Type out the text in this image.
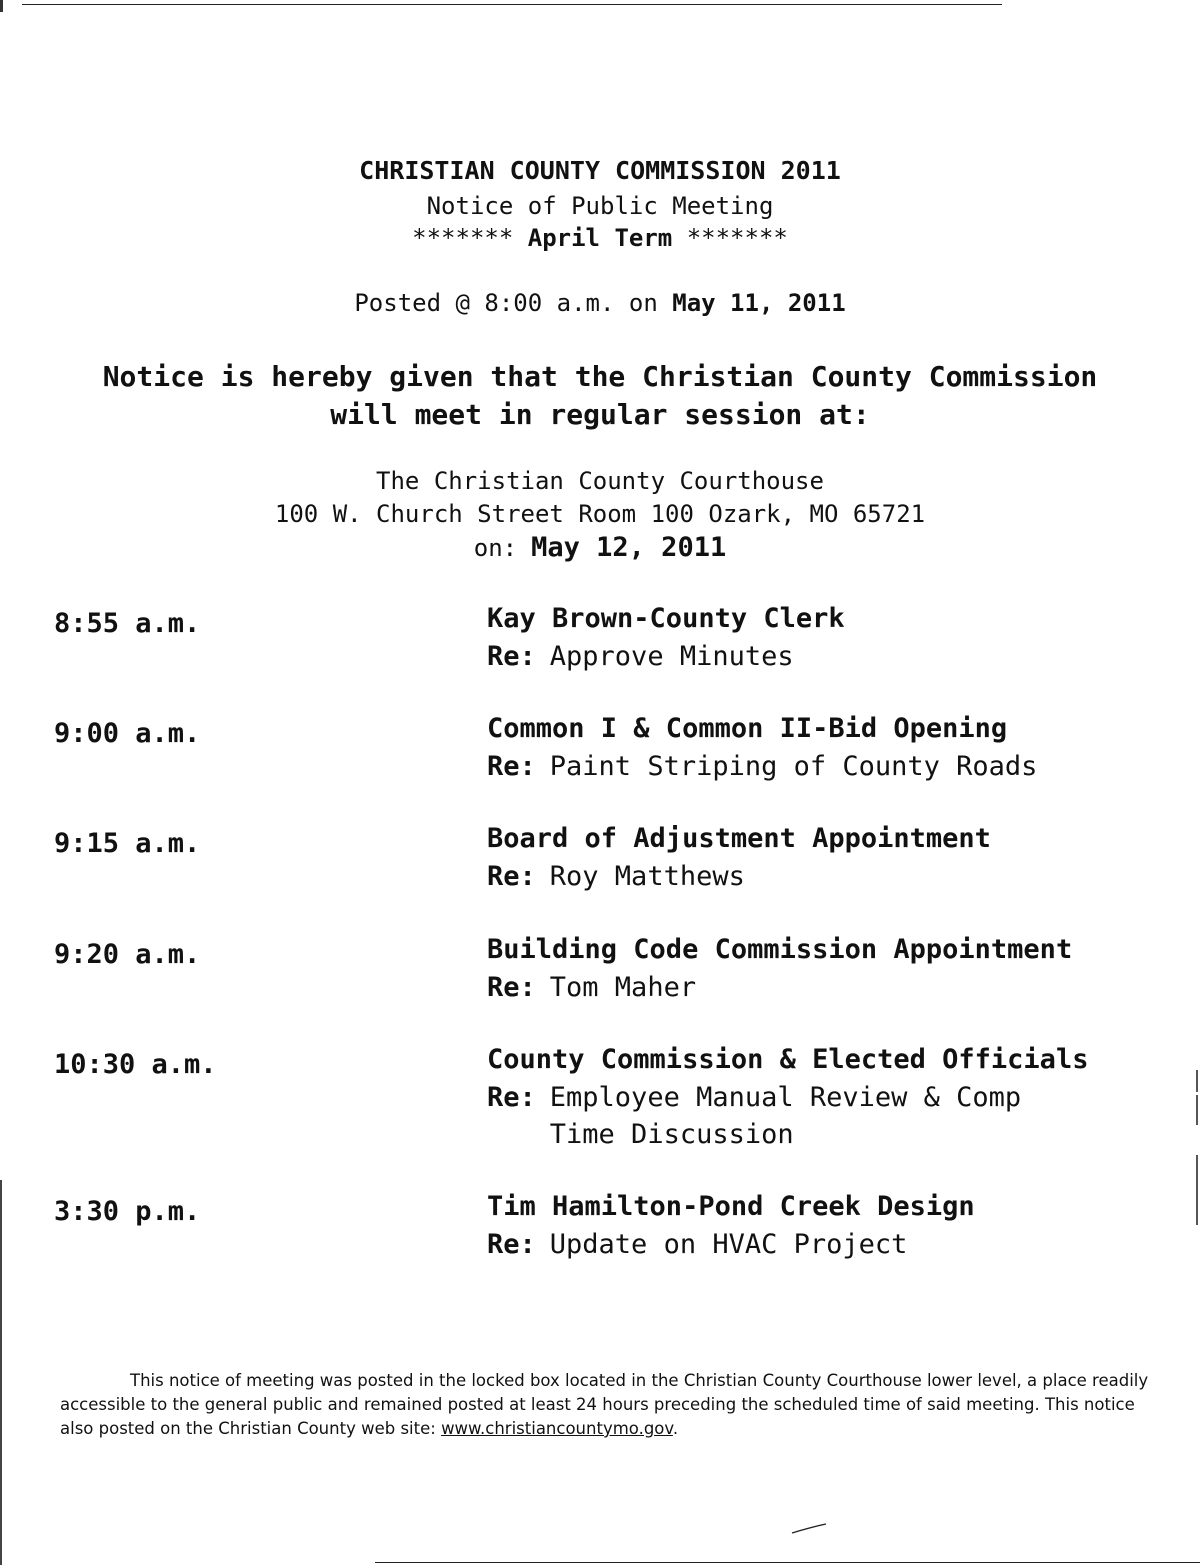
CHRISTIAN COUNTY COMMISSION 2011
Notice of Public Meeting
******* April Term *******
Posted @ 8:00 a.m. on May 11, 2011
Notice is hereby given that the Christian County Commission
will meet in regular session at:
The Christian County Courthouse
100 W. Church Street Room 100 Ozark, MO 65721
on: May 12, 2011
8:55 a.m.	Kay Brown-County Clerk
Re: Approve Minutes
9:00 a.m.	Common I & Common II-Bid Opening
Re: Paint Striping of County Roads
9:15 a.m.	Board of Adjustment Appointment
Re: Roy Matthews
9:20 a.m.	Building Code Commission Appointment
Re: Tom Maher
10:30 a.m.	County Commission & Elected Officials
Re: Employee Manual Review & Comp Time Discussion
3:30 p.m.	Tim Hamilton-Pond Creek Design
Re: Update on HVAC Project
This notice of meeting was posted in the locked box located in the Christian County Courthouse lower level, a place readily accessible to the general public and remained posted at least 24 hours preceding the scheduled time of said meeting. This notice also posted on the Christian County web site: www.christiancountymo.gov.
